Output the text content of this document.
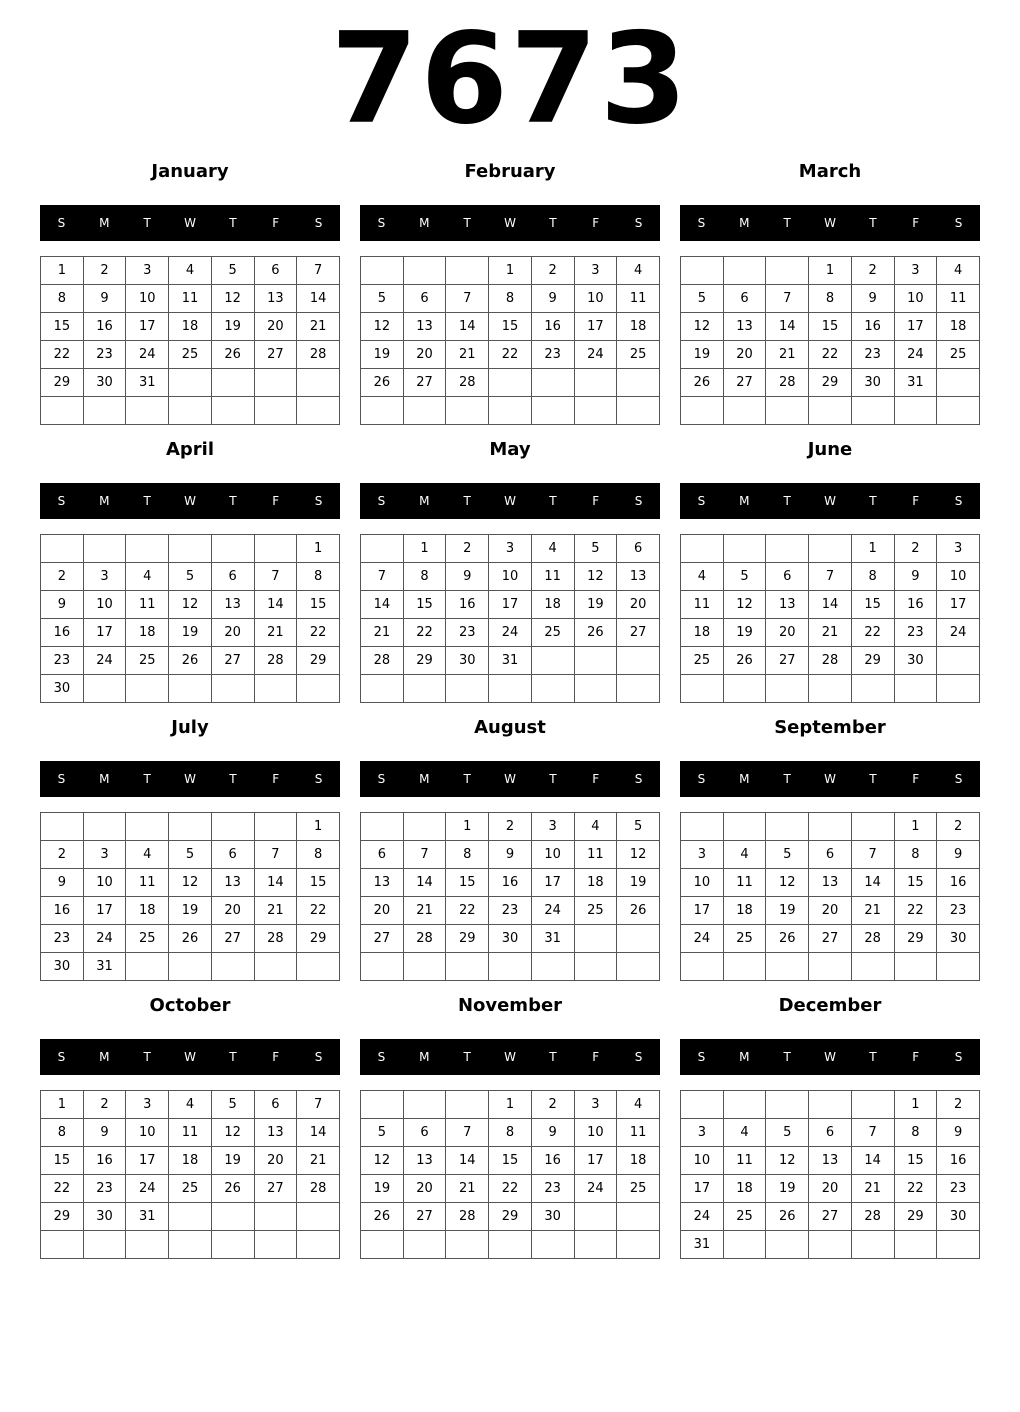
7673
January
S	M	T	W	T	F	S
1	2	3	4	5	6	7
8	9	10	11	12	13	14
15	16	17	18	19	20	21
22	23	24	25	26	27	28
29	30	31				

February
S	M	T	W	T	F	S
			1	2	3	4
5	6	7	8	9	10	11
12	13	14	15	16	17	18
19	20	21	22	23	24	25
26	27	28				

March
S	M	T	W	T	F	S
			1	2	3	4
5	6	7	8	9	10	11
12	13	14	15	16	17	18
19	20	21	22	23	24	25
26	27	28	29	30	31	

April
S	M	T	W	T	F	S
						1
2	3	4	5	6	7	8
9	10	11	12	13	14	15
16	17	18	19	20	21	22
23	24	25	26	27	28	29
30						
May
S	M	T	W	T	F	S
	1	2	3	4	5	6
7	8	9	10	11	12	13
14	15	16	17	18	19	20
21	22	23	24	25	26	27
28	29	30	31			

June
S	M	T	W	T	F	S
				1	2	3
4	5	6	7	8	9	10
11	12	13	14	15	16	17
18	19	20	21	22	23	24
25	26	27	28	29	30	

July
S	M	T	W	T	F	S
						1
2	3	4	5	6	7	8
9	10	11	12	13	14	15
16	17	18	19	20	21	22
23	24	25	26	27	28	29
30	31					
August
S	M	T	W	T	F	S
		1	2	3	4	5
6	7	8	9	10	11	12
13	14	15	16	17	18	19
20	21	22	23	24	25	26
27	28	29	30	31		

September
S	M	T	W	T	F	S
					1	2
3	4	5	6	7	8	9
10	11	12	13	14	15	16
17	18	19	20	21	22	23
24	25	26	27	28	29	30

October
S	M	T	W	T	F	S
1	2	3	4	5	6	7
8	9	10	11	12	13	14
15	16	17	18	19	20	21
22	23	24	25	26	27	28
29	30	31				

November
S	M	T	W	T	F	S
			1	2	3	4
5	6	7	8	9	10	11
12	13	14	15	16	17	18
19	20	21	22	23	24	25
26	27	28	29	30		

December
S	M	T	W	T	F	S
					1	2
3	4	5	6	7	8	9
10	11	12	13	14	15	16
17	18	19	20	21	22	23
24	25	26	27	28	29	30
31						
